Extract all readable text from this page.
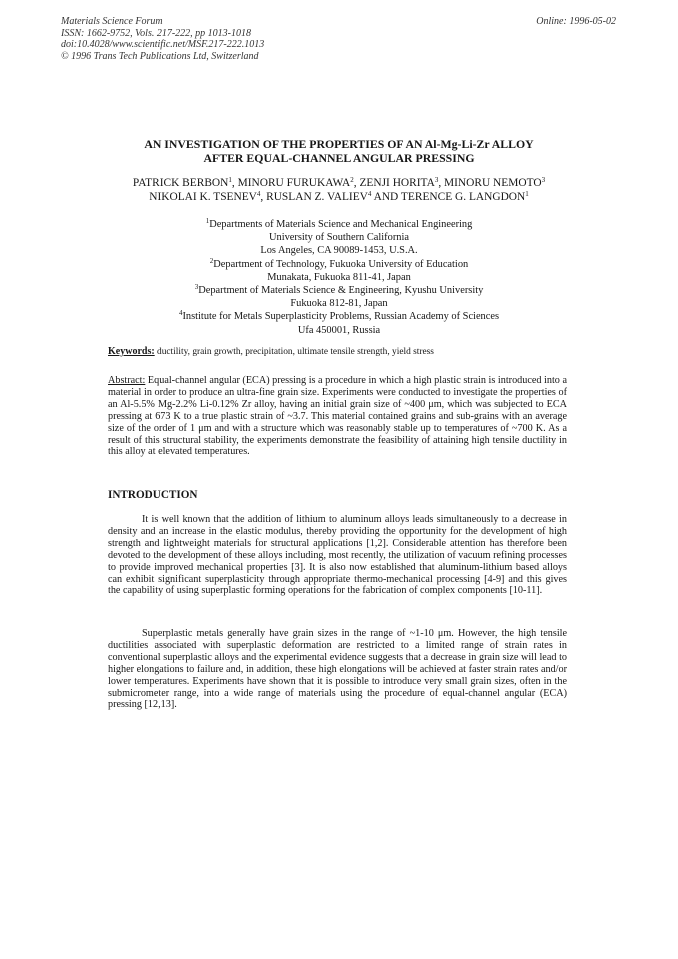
Materials Science Forum
ISSN: 1662-9752, Vols. 217-222, pp 1013-1018
doi:10.4028/www.scientific.net/MSF.217-222.1013
© 1996 Trans Tech Publications Ltd, Switzerland
Online: 1996-05-02
AN INVESTIGATION OF THE PROPERTIES OF AN Al-Mg-Li-Zr ALLOY
AFTER EQUAL-CHANNEL ANGULAR PRESSING
PATRICK BERBON$^1$, MINORU FURUKAWA$^2$, ZENJI HORITA$^3$, MINORU NEMOTO$^3$
NIKOLAI K. TSENEV$^4$, RUSLAN Z. VALIEV$^4$ AND TERENCE G. LANGDON$^1$
$^1$Departments of Materials Science and Mechanical Engineering
University of Southern California
Los Angeles, CA 90089-1453, U.S.A.
$^2$Department of Technology, Fukuoka University of Education
Munakata, Fukuoka 811-41, Japan
$^3$Department of Materials Science & Engineering, Kyushu University
Fukuoka 812-81, Japan
$^4$Institute for Metals Superplasticity Problems, Russian Academy of Sciences
Ufa 450001, Russia
Keywords: ductility, grain growth, precipitation, ultimate tensile strength, yield stress
Abstract: Equal-channel angular (ECA) pressing is a procedure in which a high plastic strain is introduced into a material in order to produce an ultra-fine grain size. Experiments were conducted to investigate the properties of an Al-5.5% Mg-2.2% Li-0.12% Zr alloy, having an initial grain size of ~400 μm, which was subjected to ECA pressing at 673 K to a true plastic strain of ~3.7. This material contained grains and sub-grains with an average size of the order of 1 μm and with a structure which was reasonably stable up to temperatures of ~700 K. As a result of this structural stability, the experiments demonstrate the feasibility of attaining high tensile ductility in this alloy at elevated temperatures.
INTRODUCTION
It is well known that the addition of lithium to aluminum alloys leads simultaneously to a decrease in density and an increase in the elastic modulus, thereby providing the opportunity for the development of high strength and lightweight materials for structural applications [1,2]. Considerable attention has therefore been devoted to the development of these alloys including, most recently, the utilization of vacuum refining processes to provide improved mechanical properties [3]. It is also now established that aluminum-lithium based alloys can exhibit significant superplasticity through appropriate thermo-mechanical processing [4-9] and this gives the capability of using superplastic forming operations for the fabrication of complex components [10-11].
Superplastic metals generally have grain sizes in the range of ~1-10 μm. However, the high tensile ductilities associated with superplastic deformation are restricted to a limited range of strain rates in conventional superplastic alloys and the experimental evidence suggests that a decrease in grain size will lead to higher elongations to failure and, in addition, these high elongations will be achieved at faster strain rates and/or lower temperatures. Experiments have shown that it is possible to introduce very small grain sizes, often in the submicrometer range, into a wide range of materials using the procedure of equal-channel angular (ECA) pressing [12,13].
